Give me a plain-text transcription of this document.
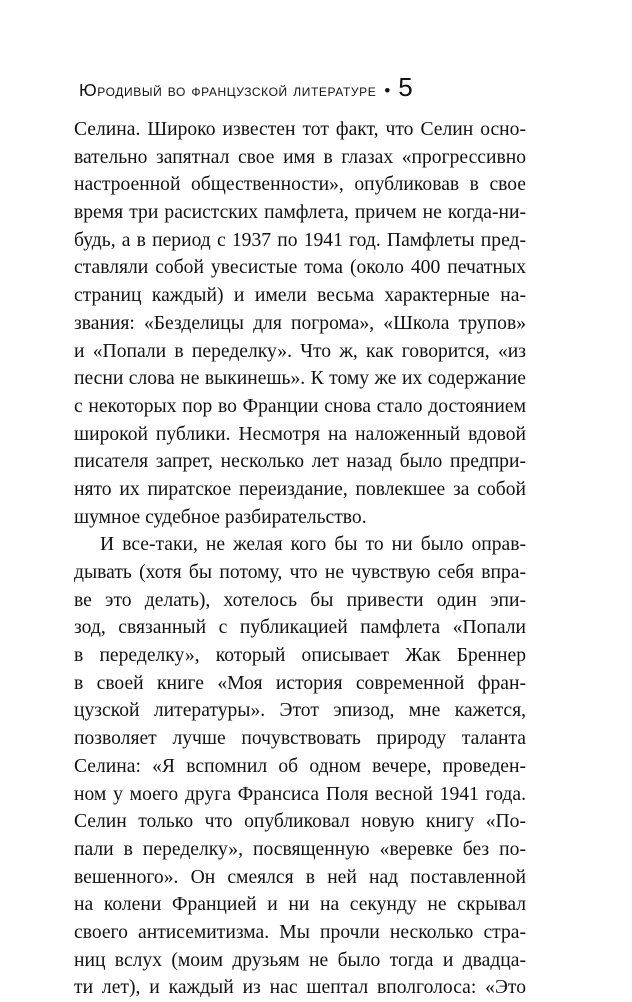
Юродивый во французской литературе • 5
Селина. Широко известен тот факт, что Селин осно-
вательно запятнал свое имя в глазах «прогрессивно
настроенной общественности», опубликовав в свое
время три расистских памфлета, причем не когда-ни-
будь, а в период с 1937 по 1941 год. Памфлеты пред-
ставляли собой увесистые тома (около 400 печатных
страниц каждый) и имели весьма характерные на-
звания: «Безделицы для погрома», «Школа трупов»
и «Попали в переделку». Что ж, как говорится, «из
песни слова не выкинешь». К тому же их содержание
с некоторых пор во Франции снова стало достоянием
широкой публики. Несмотря на наложенный вдовой
писателя запрет, несколько лет назад было предпри-
нято их пиратское переиздание, повлекшее за собой
шумное судебное разбирательство.
И все-таки, не желая кого бы то ни было оправ-
дывать (хотя бы потому, что не чувствую себя впра-
ве это делать), хотелось бы привести один эпи-
зод, связанный с публикацией памфлета «Попали
в переделку», который описывает Жак Бреннер
в своей книге «Моя история современной фран-
цузской литературы». Этот эпизод, мне кажется,
позволяет лучше почувствовать природу таланта
Селина: «Я вспомнил об одном вечере, проведен-
ном у моего друга Франсиса Поля весной 1941 года.
Селин только что опубликовал новую книгу «По-
пали в переделку», посвященную «веревке без по-
вешенного». Он смеялся в ней над поставленной
на колени Францией и ни на секунду не скрывал
своего антисемитизма. Мы прочли несколько стра-
ниц вслух (моим друзьям не было тогда и двадца-
ти лет), и каждый из нас шептал вполголоса: «Это
